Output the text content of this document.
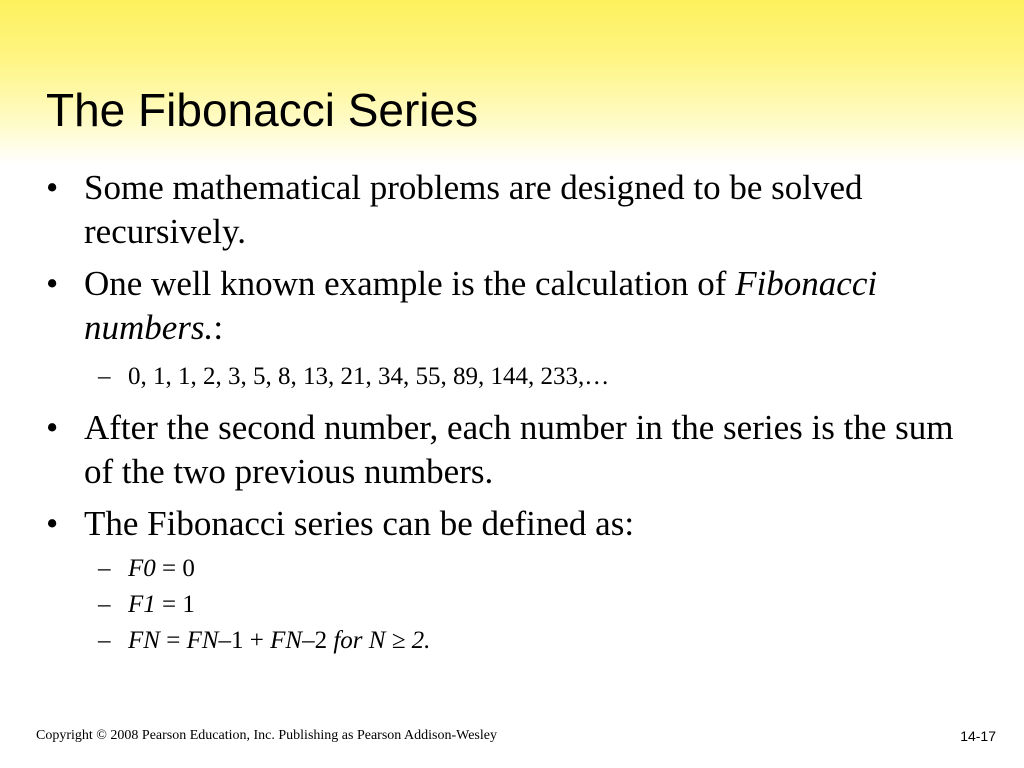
The Fibonacci Series
• Some mathematical problems are designed to be solved recursively.
• One well known example is the calculation of Fibonacci numbers.:
– 0, 1, 1, 2, 3, 5, 8, 13, 21, 34, 55, 89, 144, 233,…
• After the second number, each number in the series is the sum of the two previous numbers.
• The Fibonacci series can be defined as:
– F0 = 0
– F1 = 1
– FN = FN–1 + FN–2 for N ≥ 2.
Copyright © 2008 Pearson Education, Inc. Publishing as Pearson Addison-Wesley	14-17
